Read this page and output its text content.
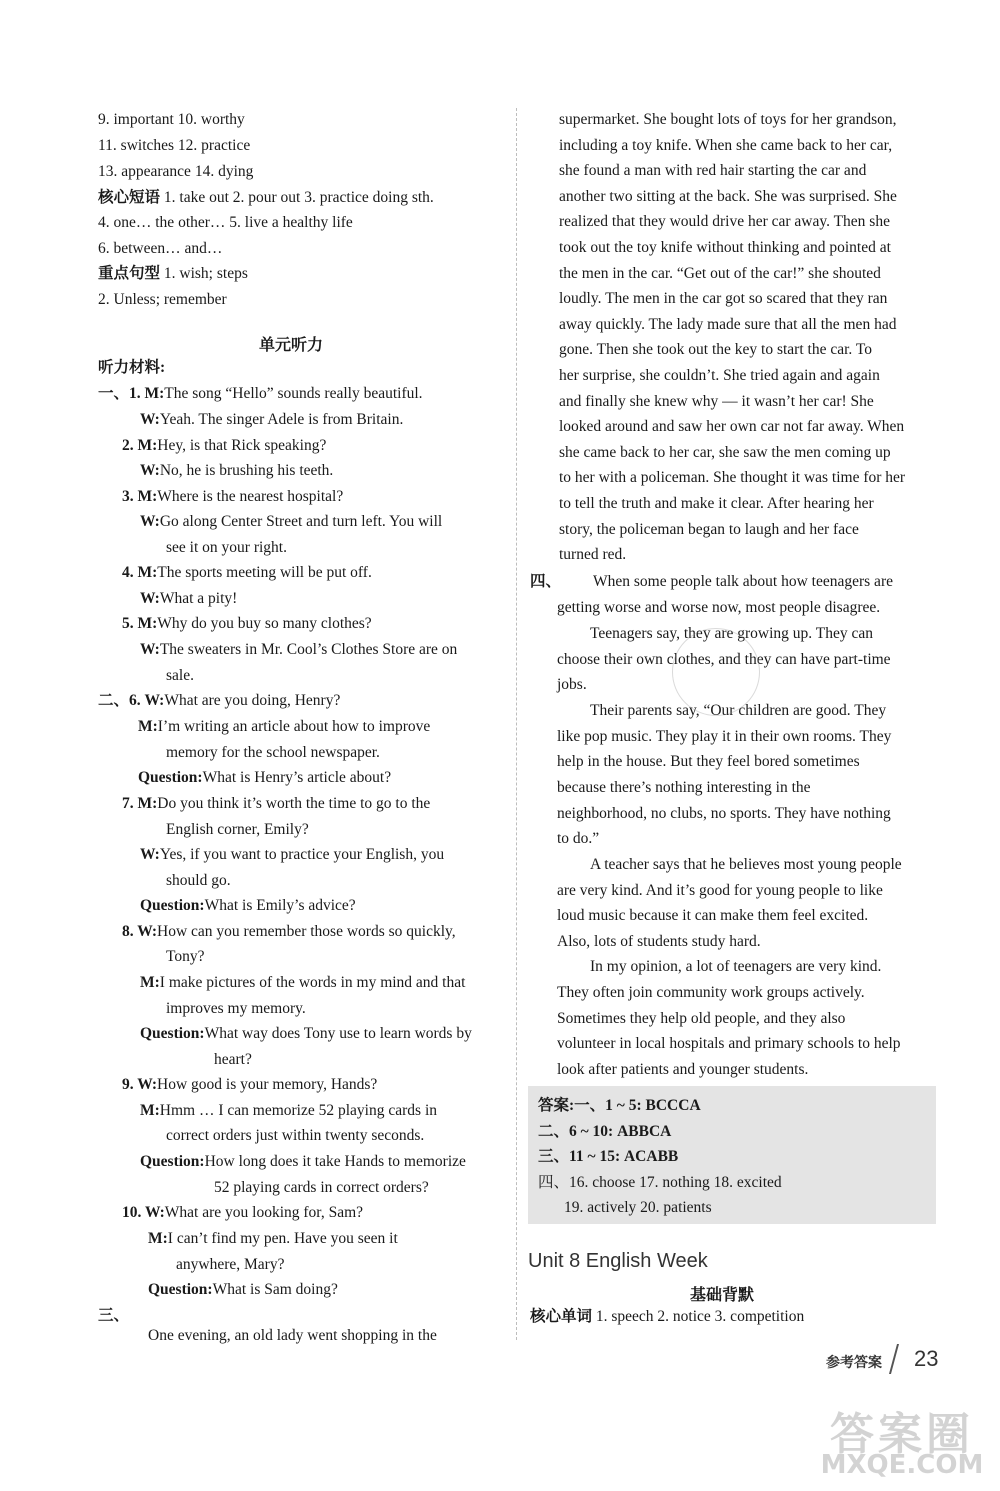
9. important 10. worthy
11. switches 12. practice
13. appearance 14. dying
核心短语 1. take out 2. pour out 3. practice doing sth.
4. one… the other… 5. live a healthy life
6. between… and…
重点句型 1. wish; steps
2. Unless; remember
单元听力
听力材料:
一、1. M:The song “Hello” sounds really beautiful.
W:Yeah. The singer Adele is from Britain.
2. M:Hey, is that Rick speaking?
W:No, he is brushing his teeth.
3. M:Where is the nearest hospital?
W:Go along Center Street and turn left. You will
see it on your right.
4. M:The sports meeting will be put off.
W:What a pity!
5. M:Why do you buy so many clothes?
W:The sweaters in Mr. Cool’s Clothes Store are on
sale.
二、6. W:What are you doing, Henry?
M:I’m writing an article about how to improve
memory for the school newspaper.
Question:What is Henry’s article about?
7. M:Do you think it’s worth the time to go to the
English corner, Emily?
W:Yes, if you want to practice your English, you
should go.
Question:What is Emily’s advice?
8. W:How can you remember those words so quickly,
Tony?
M:I make pictures of the words in my mind and that
improves my memory.
Question:What way does Tony use to learn words by
heart?
9. W:How good is your memory, Hands?
M:Hmm … I can memorize 52 playing cards in
correct orders just within twenty seconds.
Question:How long does it take Hands to memorize
52 playing cards in correct orders?
10. W:What are you looking for, Sam?
M:I can’t find my pen. Have you seen it
anywhere, Mary?
Question:What is Sam doing?
三、
One evening, an old lady went shopping in the
supermarket. She bought lots of toys for her grandson,
including a toy knife. When she came back to her car,
she found a man with red hair starting the car and
another two sitting at the back. She was surprised. She
realized that they would drive her car away. Then she
took out the toy knife without thinking and pointed at
the men in the car. “Get out of the car!” she shouted
loudly. The men in the car got so scared that they ran
away quickly. The lady made sure that all the men had
gone. Then she took out the key to start the car. To
her surprise, she couldn’t. She tried again and again
and finally she knew why — it wasn’t her car! She
looked around and saw her own car not far away. When
she came back to her car, she saw the men coming up
to her with a policeman. She thought it was time for her
to tell the truth and make it clear. After hearing her
story, the policeman began to laugh and her face
turned red.
四、 When some people talk about how teenagers are
getting worse and worse now, most people disagree.
Teenagers say, they are growing up. They can
choose their own clothes, and they can have part-time
jobs.
Their parents say, “Our children are good. They
like pop music. They play it in their own rooms. They
help in the house. But they feel bored sometimes
because there’s nothing interesting in the
neighborhood, no clubs, no sports. They have nothing
to do.”
A teacher says that he believes most young people
are very kind. And it’s good for young people to like
loud music because it can make them feel excited.
Also, lots of students study hard.
In my opinion, a lot of teenagers are very kind.
They often join community work groups actively.
Sometimes they help old people, and they also
volunteer in local hospitals and primary schools to help
look after patients and younger students.
答案:一、1 ~ 5: BCCCA
二、6 ~ 10: ABBCA
三、11 ~ 15: ACABB
四、16. choose 17. nothing 18. excited
19. actively 20. patients
Unit 8 English Week
基础背默
核心单词 1. speech 2. notice 3. competition
参考答案 23
答案圈
MXQE.COM
